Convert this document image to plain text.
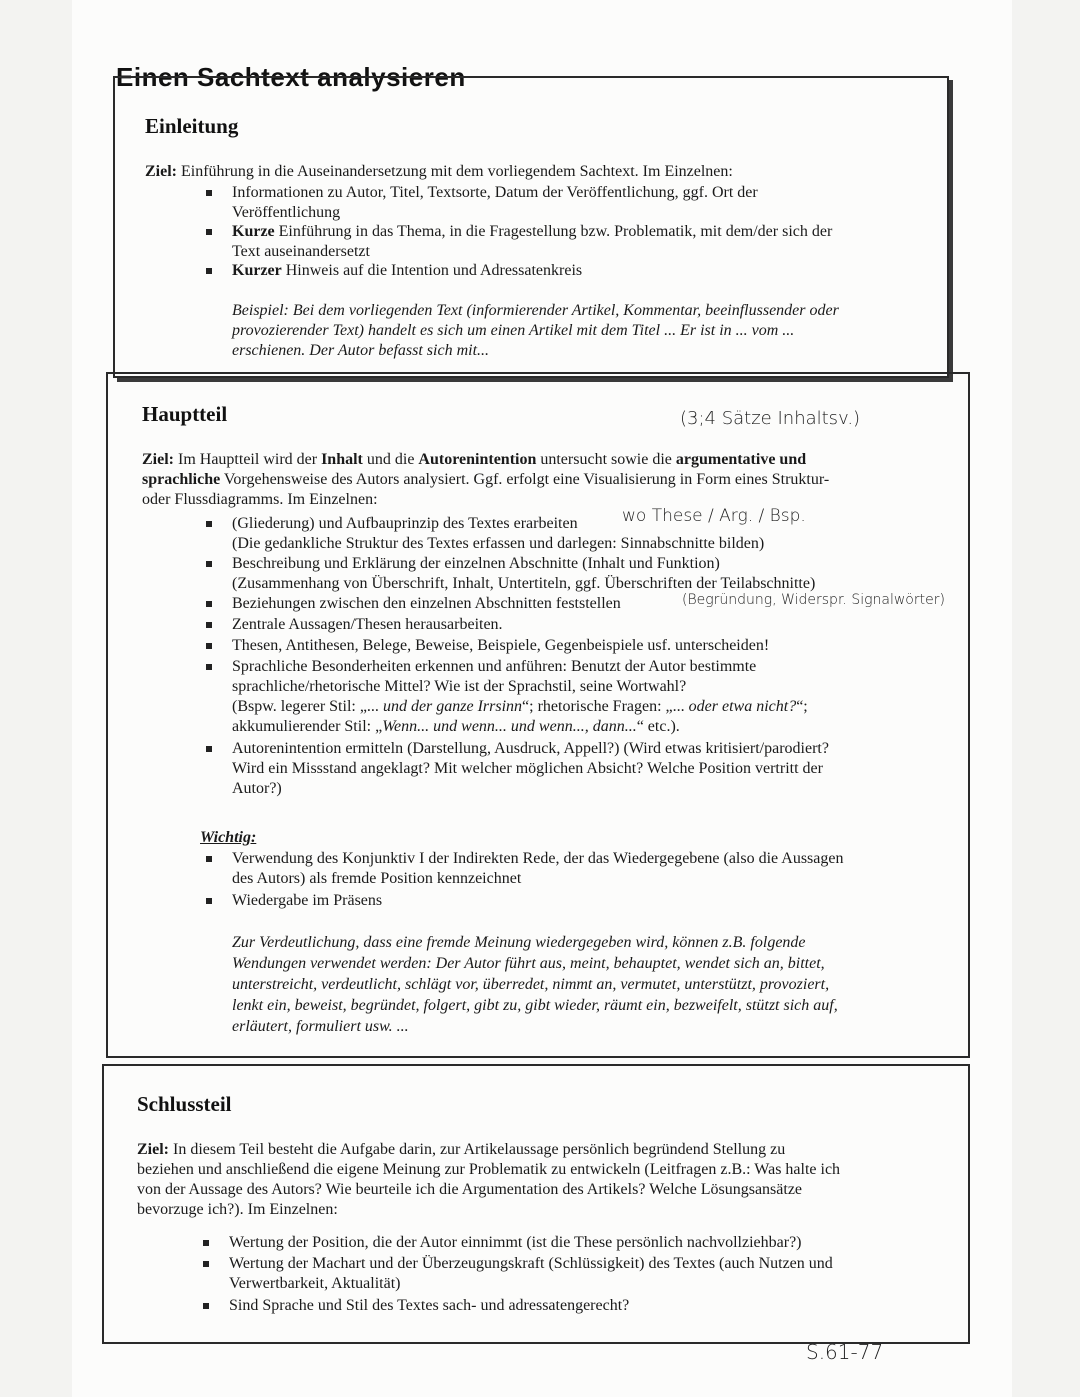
Einen Sachtext analysieren
Einleitung
Ziel: Einführung in die Auseinandersetzung mit dem vorliegendem Sachtext. Im Einzelnen:
Informationen zu Autor, Titel, Textsorte, Datum der Veröffentlichung, ggf. Ort der
Veröffentlichung
Kurze Einführung in das Thema, in die Fragestellung bzw. Problematik, mit dem/der sich der
Text auseinandersetzt
Kurzer Hinweis auf die Intention und Adressatenkreis
Beispiel: Bei dem vorliegenden Text (informierender Artikel, Kommentar, beeinflussender oder
provozierender Text) handelt es sich um einen Artikel mit dem Titel ... Er ist in ... vom ...
erschienen. Der Autor befasst sich mit...
Hauptteil	(3;4 Sätze Inhaltsv.)
Ziel: Im Hauptteil wird der Inhalt und die Autorenintention untersucht sowie die argumentative und
sprachliche Vorgehensweise des Autors analysiert. Ggf. erfolgt eine Visualisierung in Form eines Struktur-
oder Flussdiagramms. Im Einzelnen:
(Gliederung) und Aufbauprinzip des Textes erarbeiten
(Die gedankliche Struktur des Textes erfassen und darlegen: Sinnabschnitte bilden)
wo These / Arg. / Bsp.
Beschreibung und Erklärung der einzelnen Abschnitte (Inhalt und Funktion)
(Zusammenhang von Überschrift, Inhalt, Untertiteln, ggf. Überschriften der Teilabschnitte)
Beziehungen zwischen den einzelnen Abschnitten feststellen	(Begründung, Widerspr. Signalwörter)
Zentrale Aussagen/Thesen herausarbeiten.
Thesen, Antithesen, Belege, Beweise, Beispiele, Gegenbeispiele usf. unterscheiden!
Sprachliche Besonderheiten erkennen und anführen: Benutzt der Autor bestimmte
sprachliche/rhetorische Mittel? Wie ist der Sprachstil, seine Wortwahl?
(Bspw. legerer Stil: „... und der ganze Irrsinn“; rhetorische Fragen: „... oder etwa nicht?“;
akkumulierender Stil: „Wenn... und wenn... und wenn..., dann...“ etc.).
Autorenintention ermitteln (Darstellung, Ausdruck, Appell?) (Wird etwas kritisiert/parodiert?
Wird ein Missstand angeklagt? Mit welcher möglichen Absicht? Welche Position vertritt der
Autor?)
Wichtig:
Verwendung des Konjunktiv I der Indirekten Rede, der das Wiedergegebene (also die Aussagen
des Autors) als fremde Position kennzeichnet
Wiedergabe im Präsens
Zur Verdeutlichung, dass eine fremde Meinung wiedergegeben wird, können z.B. folgende
Wendungen verwendet werden: Der Autor führt aus, meint, behauptet, wendet sich an, bittet,
unterstreicht, verdeutlicht, schlägt vor, überredet, nimmt an, vermutet, unterstützt, provoziert,
lenkt ein, beweist, begründet, folgert, gibt zu, gibt wieder, räumt ein, bezweifelt, stützt sich auf,
erläutert, formuliert usw. ...
Schlussteil
Ziel: In diesem Teil besteht die Aufgabe darin, zur Artikelaussage persönlich begründend Stellung zu
beziehen und anschließend die eigene Meinung zur Problematik zu entwickeln (Leitfragen z.B.: Was halte ich
von der Aussage des Autors? Wie beurteile ich die Argumentation des Artikels? Welche Lösungsansätze
bevorzuge ich?). Im Einzelnen:
Wertung der Position, die der Autor einnimmt (ist die These persönlich nachvollziehbar?)
Wertung der Machart und der Überzeugungskraft (Schlüssigkeit) des Textes (auch Nutzen und
Verwertbarkeit, Aktualität)
Sind Sprache und Stil des Textes sach- und adressatengerecht?
S.61-77
